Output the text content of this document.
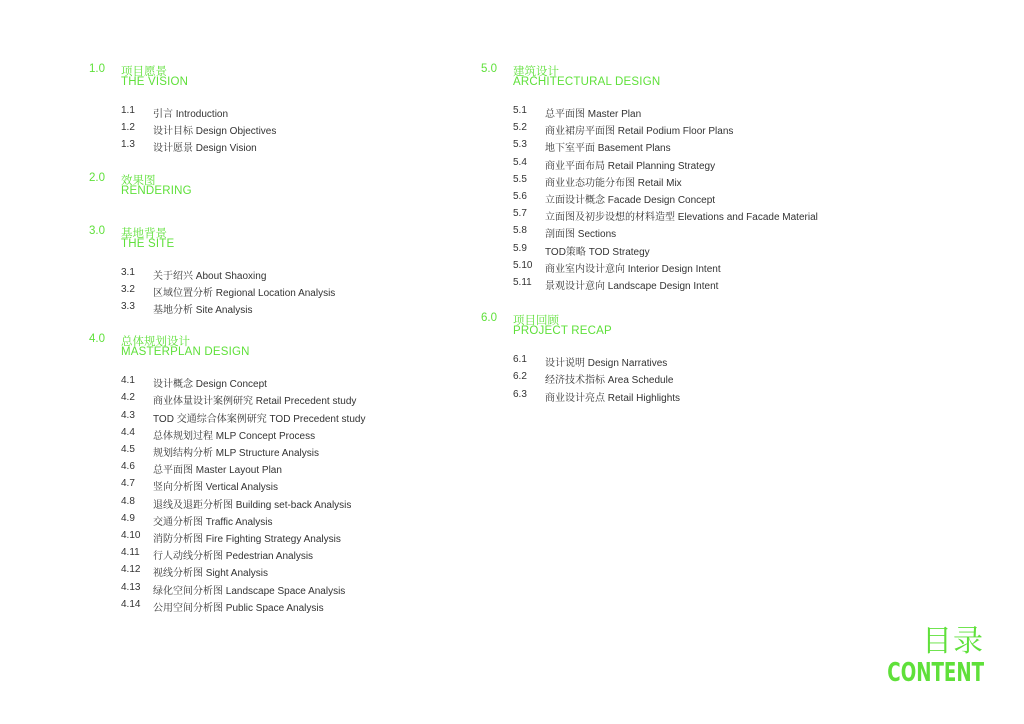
1.0 项目愿景
THE VISION
1.1 引言 Introduction
1.2 设计目标 Design Objectives
1.3 设计愿景 Design Vision
2.0 效果图
RENDERING
3.0 基地背景
THE SITE
3.1 关于绍兴 About Shaoxing
3.2 区域位置分析 Regional Location Analysis
3.3 基地分析 Site Analysis
4.0 总体规划设计
MASTERPLAN DESIGN
4.1 设计概念 Design Concept
4.2 商业体量设计案例研究 Retail Precedent study
4.3 TOD 交通综合体案例研究 TOD Precedent study
4.4 总体规划过程 MLP Concept Process
4.5 规划结构分析 MLP Structure Analysis
4.6 总平面图 Master Layout Plan
4.7 竖向分析图 Vertical Analysis
4.8 退线及退距分析图 Building set-back Analysis
4.9 交通分析图 Traffic Analysis
4.10 消防分析图 Fire Fighting Strategy Analysis
4.11 行人动线分析图 Pedestrian Analysis
4.12 视线分析图 Sight Analysis
4.13 绿化空间分析图 Landscape Space Analysis
4.14 公用空间分析图 Public Space Analysis
5.0 建筑设计
ARCHITECTURAL DESIGN
5.1 总平面图 Master Plan
5.2 商业裙房平面图 Retail Podium Floor Plans
5.3 地下室平面 Basement Plans
5.4 商业平面布局 Retail Planning Strategy
5.5 商业业态功能分布图 Retail Mix
5.6 立面设计概念 Facade Design Concept
5.7 立面图及初步设想的材料造型 Elevations and Facade Material
5.8 剖面图 Sections
5.9 TOD策略 TOD Strategy
5.10 商业室内设计意向 Interior Design Intent
5.11 景观设计意向 Landscape Design Intent
6.0 项目回顾
PROJECT RECAP
6.1 设计说明 Design Narratives
6.2 经济技术指标 Area Schedule
6.3 商业设计亮点 Retail Highlights
目录
CONTENT
